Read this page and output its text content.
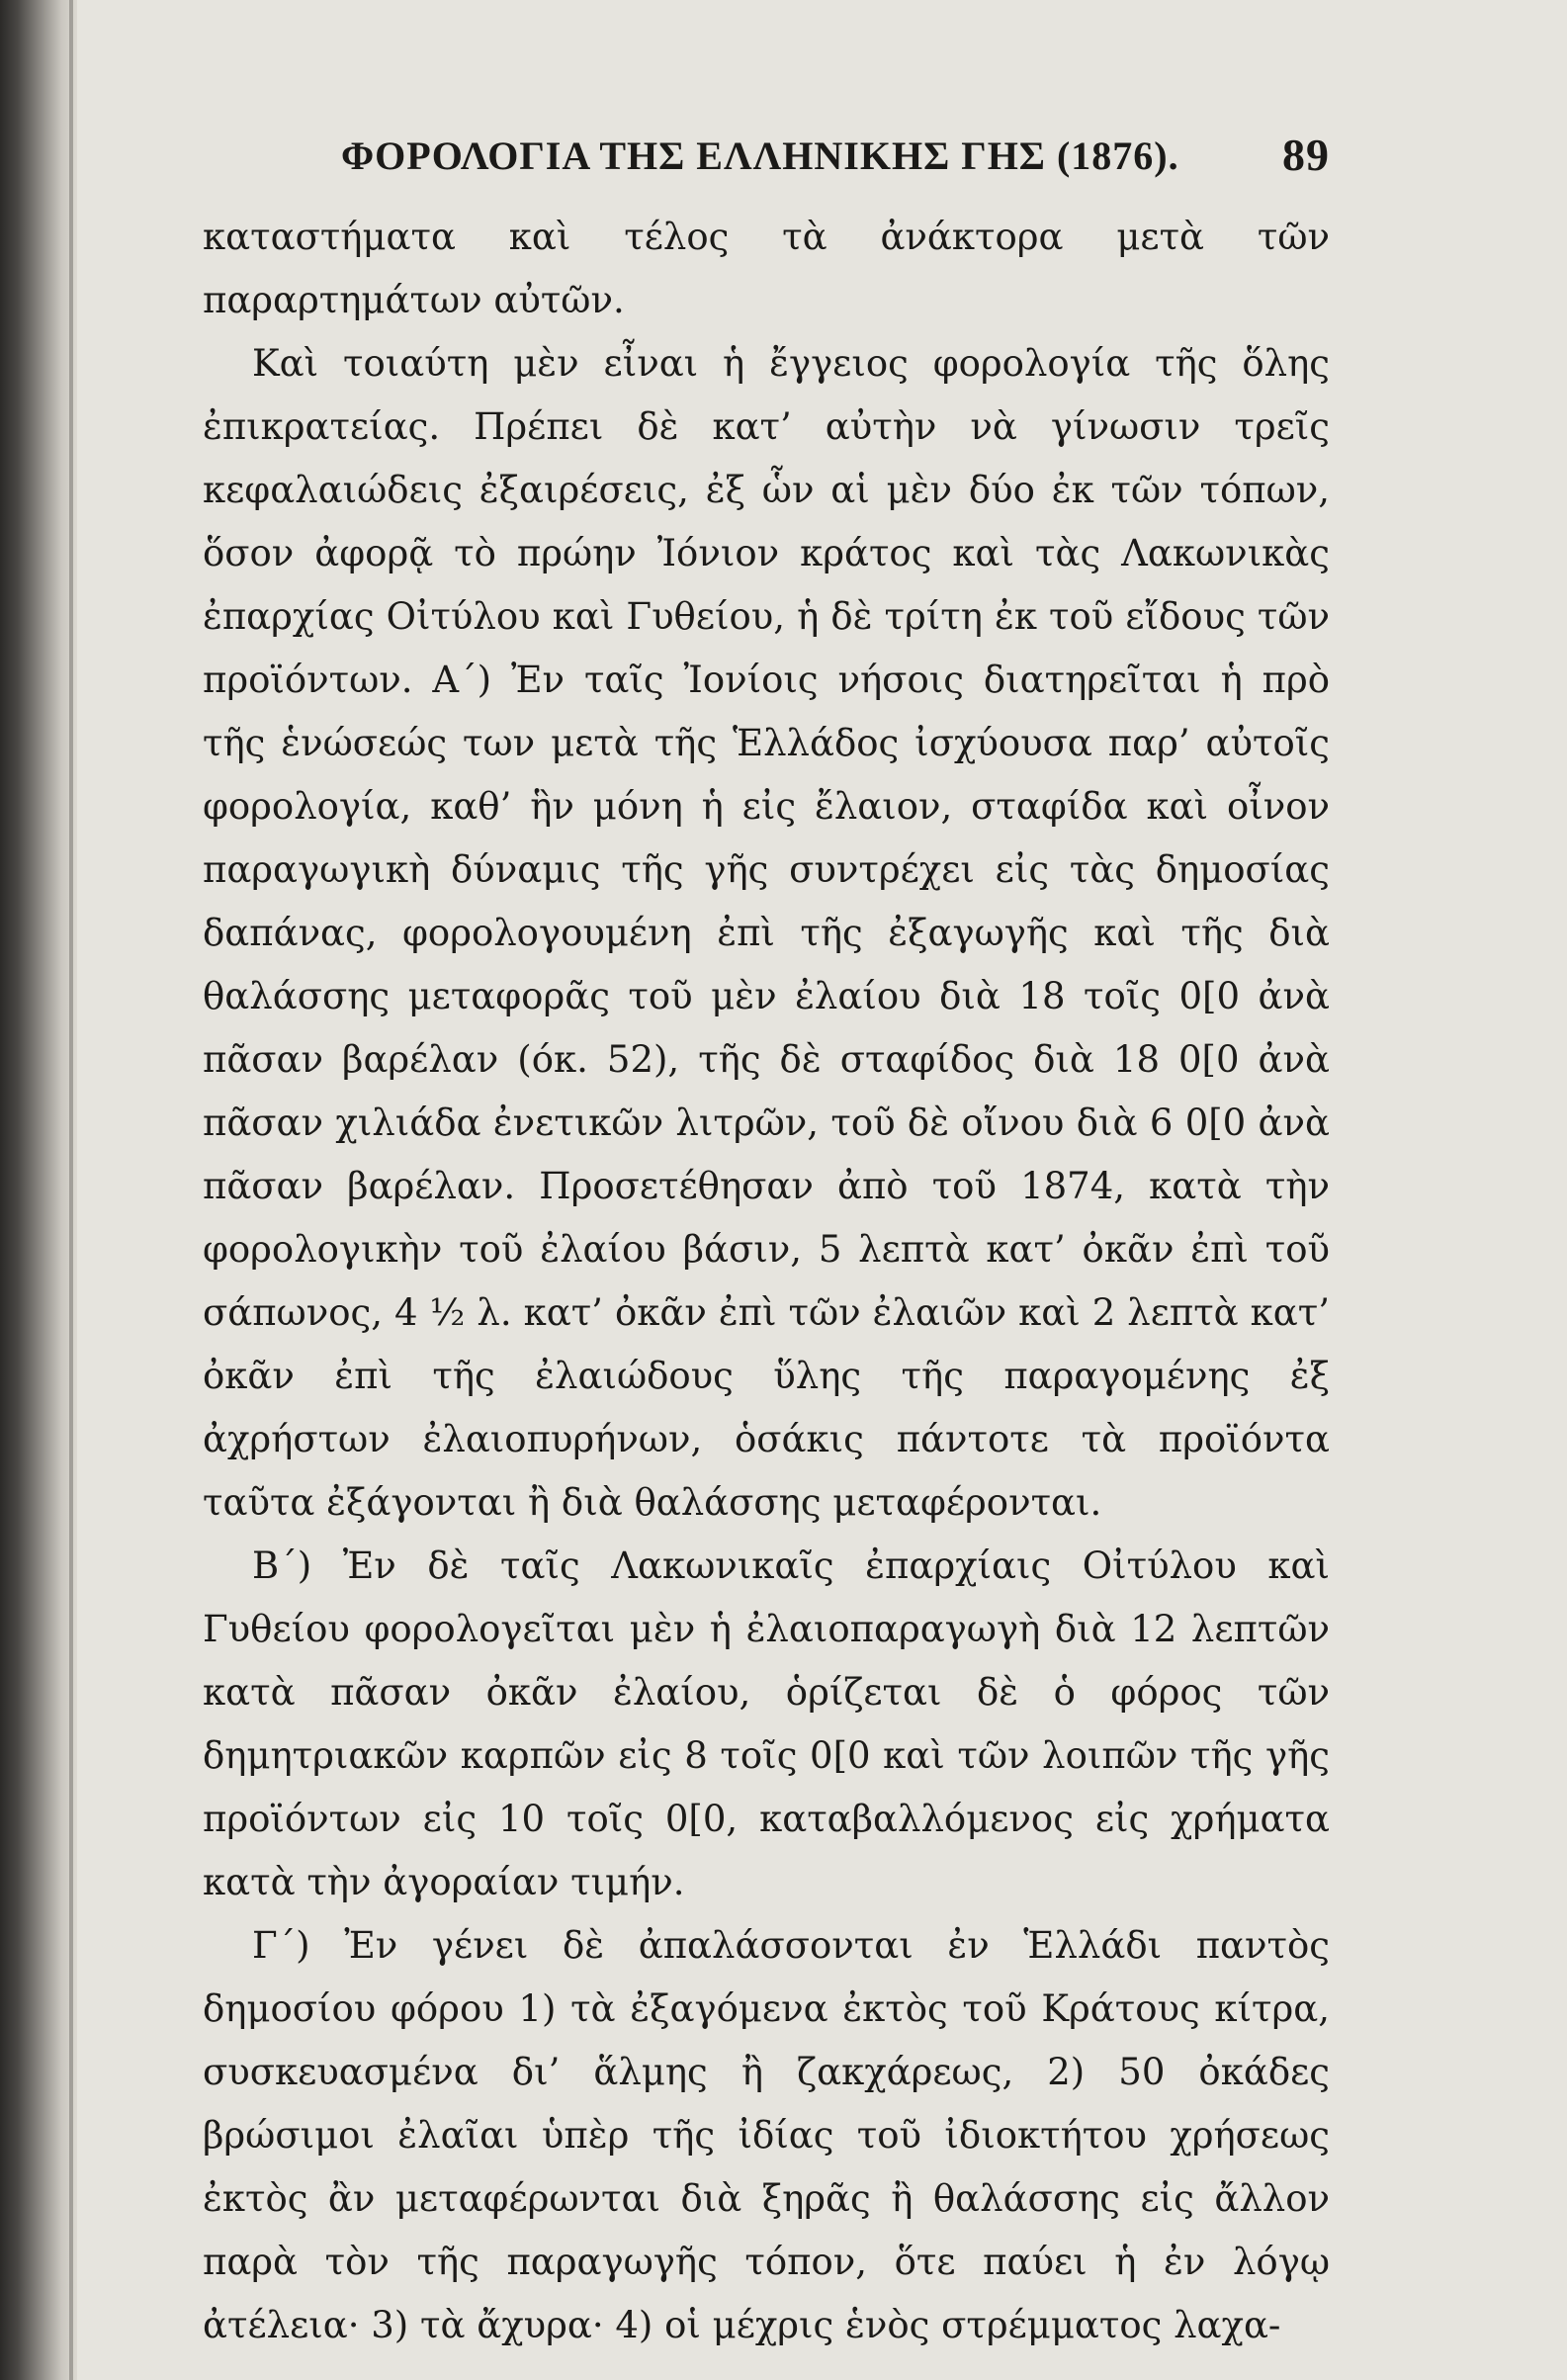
ΦΟΡΟΛΟΓΙΑ ΤΗΣ ΕΛΛΗΝΙΚΗΣ ΓΗΣ (1876). 89

καταστήματα καὶ τέλος τὰ ἀνάκτορα μετὰ τῶν παραρτημάτων αὐτῶν.

Καὶ τοιαύτη μὲν εἶναι ἡ ἔγγειος φορολογία τῆς ὅλης ἐπικρατείας. Πρέπει δὲ κατ’ αὐτὴν νὰ γίνωσιν τρεῖς κεφαλαιώδεις ἐξαιρέσεις, ἐξ ὧν αἱ μὲν δύο ἐκ τῶν τόπων, ὅσον ἀφορᾷ τὸ πρώην Ἰόνιον κράτος καὶ τὰς Λακωνικὰς ἐπαρχίας Οἰτύλου καὶ Γυθείου, ἡ δὲ τρίτη ἐκ τοῦ εἴδους τῶν προϊόντων. Α΄) Ἐν ταῖς Ἰονίοις νήσοις διατηρεῖται ἡ πρὸ τῆς ἑνώσεώς των μετὰ τῆς Ἑλλάδος ἰσχύουσα παρ’ αὐτοῖς φορολογία, καθ’ ἣν μόνη ἡ εἰς ἔλαιον, σταφίδα καὶ οἶνον παραγωγικὴ δύναμις τῆς γῆς συντρέχει εἰς τὰς δημοσίας δαπάνας, φορολογουμένη ἐπὶ τῆς ἐξαγωγῆς καὶ τῆς διὰ θαλάσσης μεταφορᾶς τοῦ μὲν ἐλαίου διὰ 18 τοῖς 0[0 ἀνὰ πᾶσαν βαρέλαν (όκ. 52), τῆς δὲ σταφίδος διὰ 18 0[0 ἀνὰ πᾶσαν χιλιάδα ἐνετικῶν λιτρῶν, τοῦ δὲ οἴνου διὰ 6 0[0 ἀνὰ πᾶσαν βαρέλαν. Προσετέθησαν ἀπὸ τοῦ 1874, κατὰ τὴν φορολογικὴν τοῦ ἐλαίου βάσιν, 5 λεπτὰ κατ’ ὀκᾶν ἐπὶ τοῦ σάπωνος, 4 ½ λ. κατ’ ὀκᾶν ἐπὶ τῶν ἐλαιῶν καὶ 2 λεπτὰ κατ’ ὀκᾶν ἐπὶ τῆς ἐλαιώδους ὕλης τῆς παραγομένης ἐξ ἀχρήστων ἐλαιοπυρήνων, ὁσάκις πάντοτε τὰ προϊόντα ταῦτα ἐξάγονται ἢ διὰ θαλάσσης μεταφέρονται.

Β΄) Ἐν δὲ ταῖς Λακωνικαῖς ἐπαρχίαις Οἰτύλου καὶ Γυθείου φορολογεῖται μὲν ἡ ἐλαιοπαραγωγὴ διὰ 12 λεπτῶν κατὰ πᾶσαν ὀκᾶν ἐλαίου, ὁρίζεται δὲ ὁ φόρος τῶν δημητριακῶν καρπῶν εἰς 8 τοῖς 0[0 καὶ τῶν λοιπῶν τῆς γῆς προϊόντων εἰς 10 τοῖς 0[0, καταβαλλόμενος εἰς χρήματα κατὰ τὴν ἀγοραίαν τιμήν.

Γ΄) Ἐν γένει δὲ ἀπαλάσσονται ἐν Ἑλλάδι παντὸς δημοσίου φόρου 1) τὰ ἐξαγόμενα ἐκτὸς τοῦ Κράτους κίτρα, συσκευασμένα δι’ ἅλμης ἢ ζακχάρεως, 2) 50 ὀκάδες βρώσιμοι ἐλαῖαι ὑπὲρ τῆς ἰδίας τοῦ ἰδιοκτήτου χρήσεως ἐκτὸς ἂν μεταφέρωνται διὰ ξηρᾶς ἢ θαλάσσης εἰς ἄλλον παρὰ τὸν τῆς παραγωγῆς τόπον, ὅτε παύει ἡ ἐν λόγῳ ἀτέλεια· 3) τὰ ἄχυρα· 4) οἱ μέχρις ἑνὸς στρέμματος λαχα-
